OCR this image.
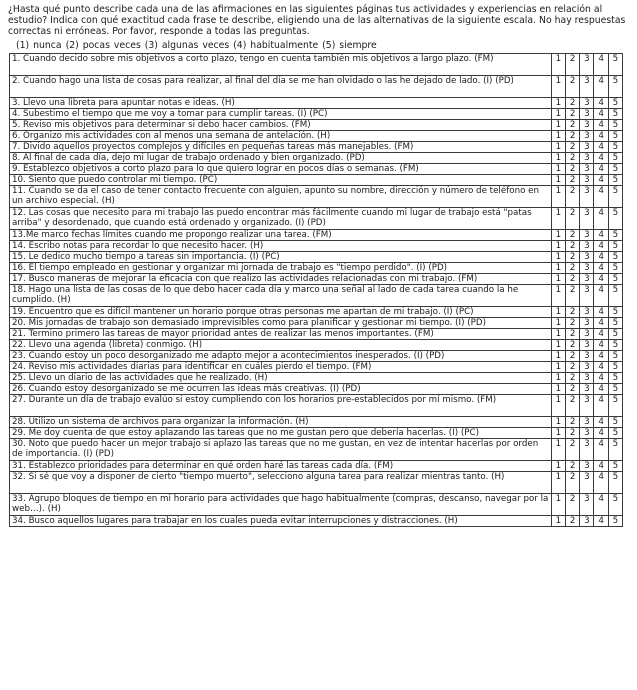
¿Hasta qué punto describe cada una de las afirmaciones en las siguientes páginas tus actividades y experiencias en relación al estudio? Indica con qué exactitud cada frase te describe, eligiendo una de las alternativas de la siguiente escala. No hay respuestas correctas ni erróneas. Por favor, responde a todas las preguntas.
(1) nunca (2) pocas veces (3) algunas veces (4) habitualmente (5) siempre
1. Cuando decido sobre mis objetivos a corto plazo, tengo en cuenta también mis objetivos a largo plazo. (FM)	1	2	3	4	5
2. Cuando hago una lista de cosas para realizar, al final del día se me han olvidado o las he dejado de lado. (I) (PD)	1	2	3	4	5
3. Llevo una libreta para apuntar notas e ideas. (H)	1	2	3	4	5
4. Subestimo el tiempo que me voy a tomar para cumplir tareas. (I) (PC)	1	2	3	4	5
5. Reviso mis objetivos para determinar si debo hacer cambios. (FM)	1	2	3	4	5
6. Organizo mis actividades con al menos una semana de antelación. (H)	1	2	3	4	5
7. Divido aquellos proyectos complejos y difíciles en pequeñas tareas más manejables. (FM)	1	2	3	4	5
8. Al final de cada día, dejo mi lugar de trabajo ordenado y bien organizado. (PD)	1	2	3	4	5
9. Establezco objetivos a corto plazo para lo que quiero lograr en pocos días o semanas. (FM)	1	2	3	4	5
10. Siento que puedo controlar mi tiempo. (PC)	1	2	3	4	5
11. Cuando se da el caso de tener contacto frecuente con alguien, apunto su nombre, dirección y número de teléfono en un archivo especial. (H)	1	2	3	4	5
12. Las cosas que necesito para mi trabajo las puedo encontrar más fácilmente cuando mi lugar de trabajo está "patas arriba" y desordenado, que cuando está ordenado y organizado. (I) (PD)	1	2	3	4	5
13.Me marco fechas límites cuando me propongo realizar una tarea. (FM)	1	2	3	4	5
14. Escribo notas para recordar lo que necesito hacer. (H)	1	2	3	4	5
15. Le dedico mucho tiempo a tareas sin importancia. (I) (PC)	1	2	3	4	5
16. El tiempo empleado en gestionar y organizar mi jornada de trabajo es "tiempo perdido". (I) (PD)	1	2	3	4	5
17. Busco maneras de mejorar la eficacia con que realizo las actividades relacionadas con mi trabajo. (FM)	1	2	3	4	5
18. Hago una lista de las cosas de lo que debo hacer cada día y marco una señal al lado de cada tarea cuando la he cumplido. (H)	1	2	3	4	5
19. Encuentro que es difícil mantener un horario porque otras personas me apartan de mi trabajo. (I) (PC)	1	2	3	4	5
20. Mis jornadas de trabajo son demasiado imprevisibles como para planificar y gestionar mi tiempo. (I) (PD)	1	2	3	4	5
21. Termino primero las tareas de mayor prioridad antes de realizar las menos importantes. (FM)	1	2	3	4	5
22. Llevo una agenda (libreta) conmigo. (H)	1	2	3	4	5
23. Cuando estoy un poco desorganizado me adapto mejor a acontecimientos inesperados. (I) (PD)	1	2	3	4	5
24. Reviso mis actividades diarias para identificar en cuáles pierdo el tiempo. (FM)	1	2	3	4	5
25. Llevo un diario de las actividades que he realizado. (H)	1	2	3	4	5
26. Cuando estoy desorganizado se me ocurren las ideas más creativas. (I) (PD)	1	2	3	4	5
27. Durante un día de trabajo evalúo si estoy cumpliendo con los horarios pre-establecidos por mí mismo. (FM)	1	2	3	4	5
28. Utilizo un sistema de archivos para organizar la información. (H)	1	2	3	4	5
29. Me doy cuenta de que estoy aplazando las tareas que no me gustan pero que debería hacerlas. (I) (PC)	1	2	3	4	5
30. Noto que puedo hacer un mejor trabajo si aplazo las tareas que no me gustan, en vez de intentar hacerlas por orden de importancia. (I) (PD)	1	2	3	4	5
31. Establezco prioridades para determinar en qué orden haré las tareas cada día. (FM)	1	2	3	4	5
32. Si sé que voy a disponer de cierto "tiempo muerto", selecciono alguna tarea para realizar mientras tanto. (H)	1	2	3	4	5
33. Agrupo bloques de tiempo en mi horario para actividades que hago habitualmente (compras, descanso, navegar por la web…). (H)	1	2	3	4	5
34. Busco aquellos lugares para trabajar en los cuales pueda evitar interrupciones y distracciones. (H)	1	2	3	4	5
